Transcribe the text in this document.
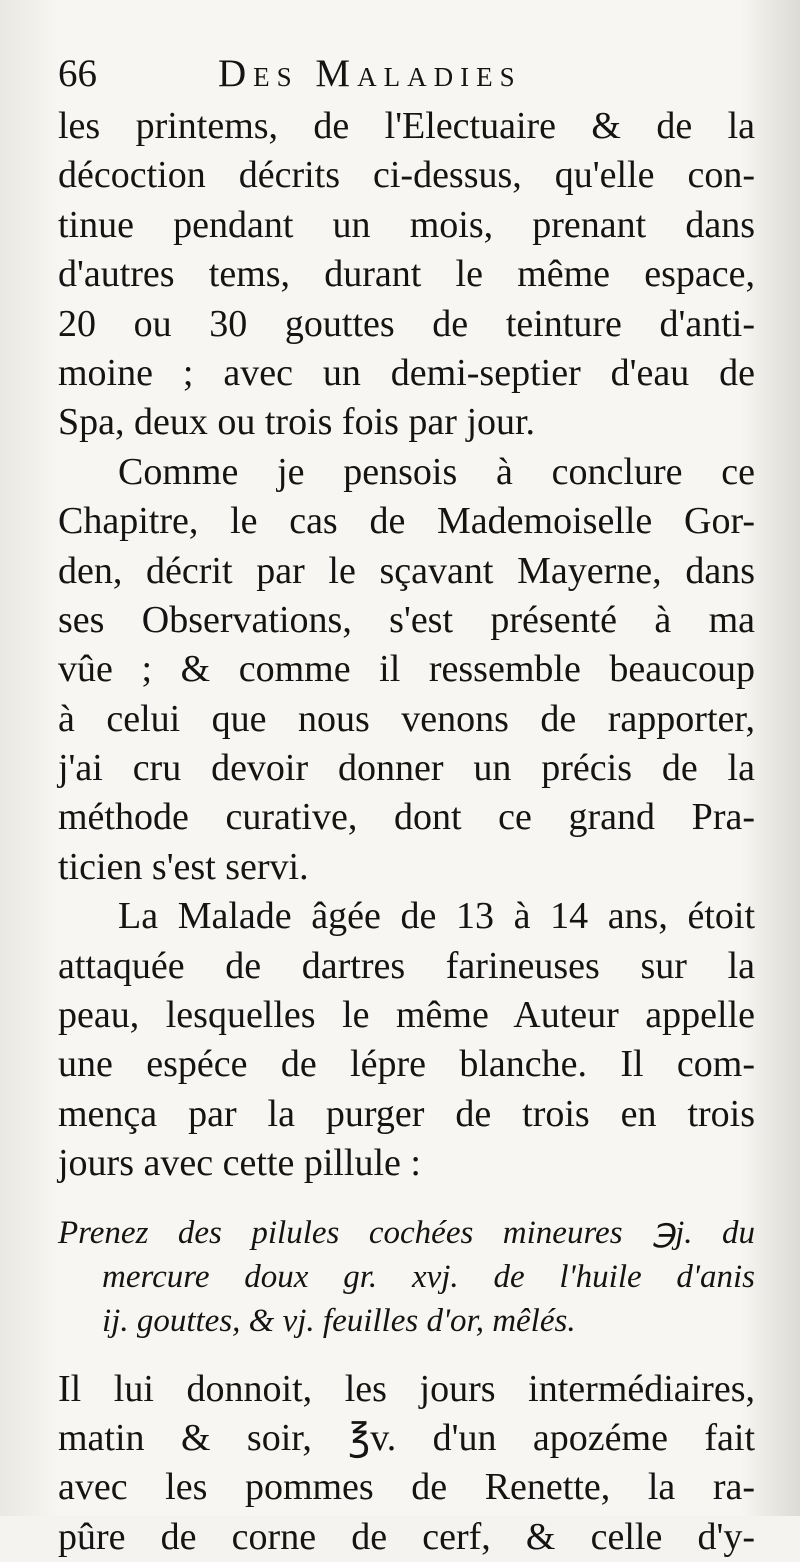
66	Des Maladies
les printems, de l'Electuaire & de la
décoction décrits ci-dessus, qu'elle con-
tinue pendant un mois, prenant dans
d'autres tems, durant le même espace,
20 ou 30 gouttes de teinture d'anti-
moine ; avec un demi-septier d'eau de
Spa, deux ou trois fois par jour.
Comme je pensois à conclure ce
Chapitre, le cas de Mademoiselle Gor-
den, décrit par le sçavant Mayerne, dans
ses Observations, s'est présenté à ma
vûe ; & comme il ressemble beaucoup
à celui que nous venons de rapporter,
j'ai cru devoir donner un précis de la
méthode curative, dont ce grand Pra-
ticien s'est servi.
La Malade âgée de 13 à 14 ans, étoit
attaquée de dartres farineuses sur la
peau, lesquelles le même Auteur appelle
une espéce de lépre blanche. Il com-
mença par la purger de trois en trois
jours avec cette pillule :
Prenez des pilules cochées mineures ℈j. du
mercure doux gr. xvj. de l'huile d'anis
ij. gouttes, & vj. feuilles d'or, mêlés.
Il lui donnoit, les jours intermédiaires,
matin & soir, ℥v. d'un apozéme fait
avec les pommes de Renette, la ra-
pûre de corne de cerf, & celle d'y-
